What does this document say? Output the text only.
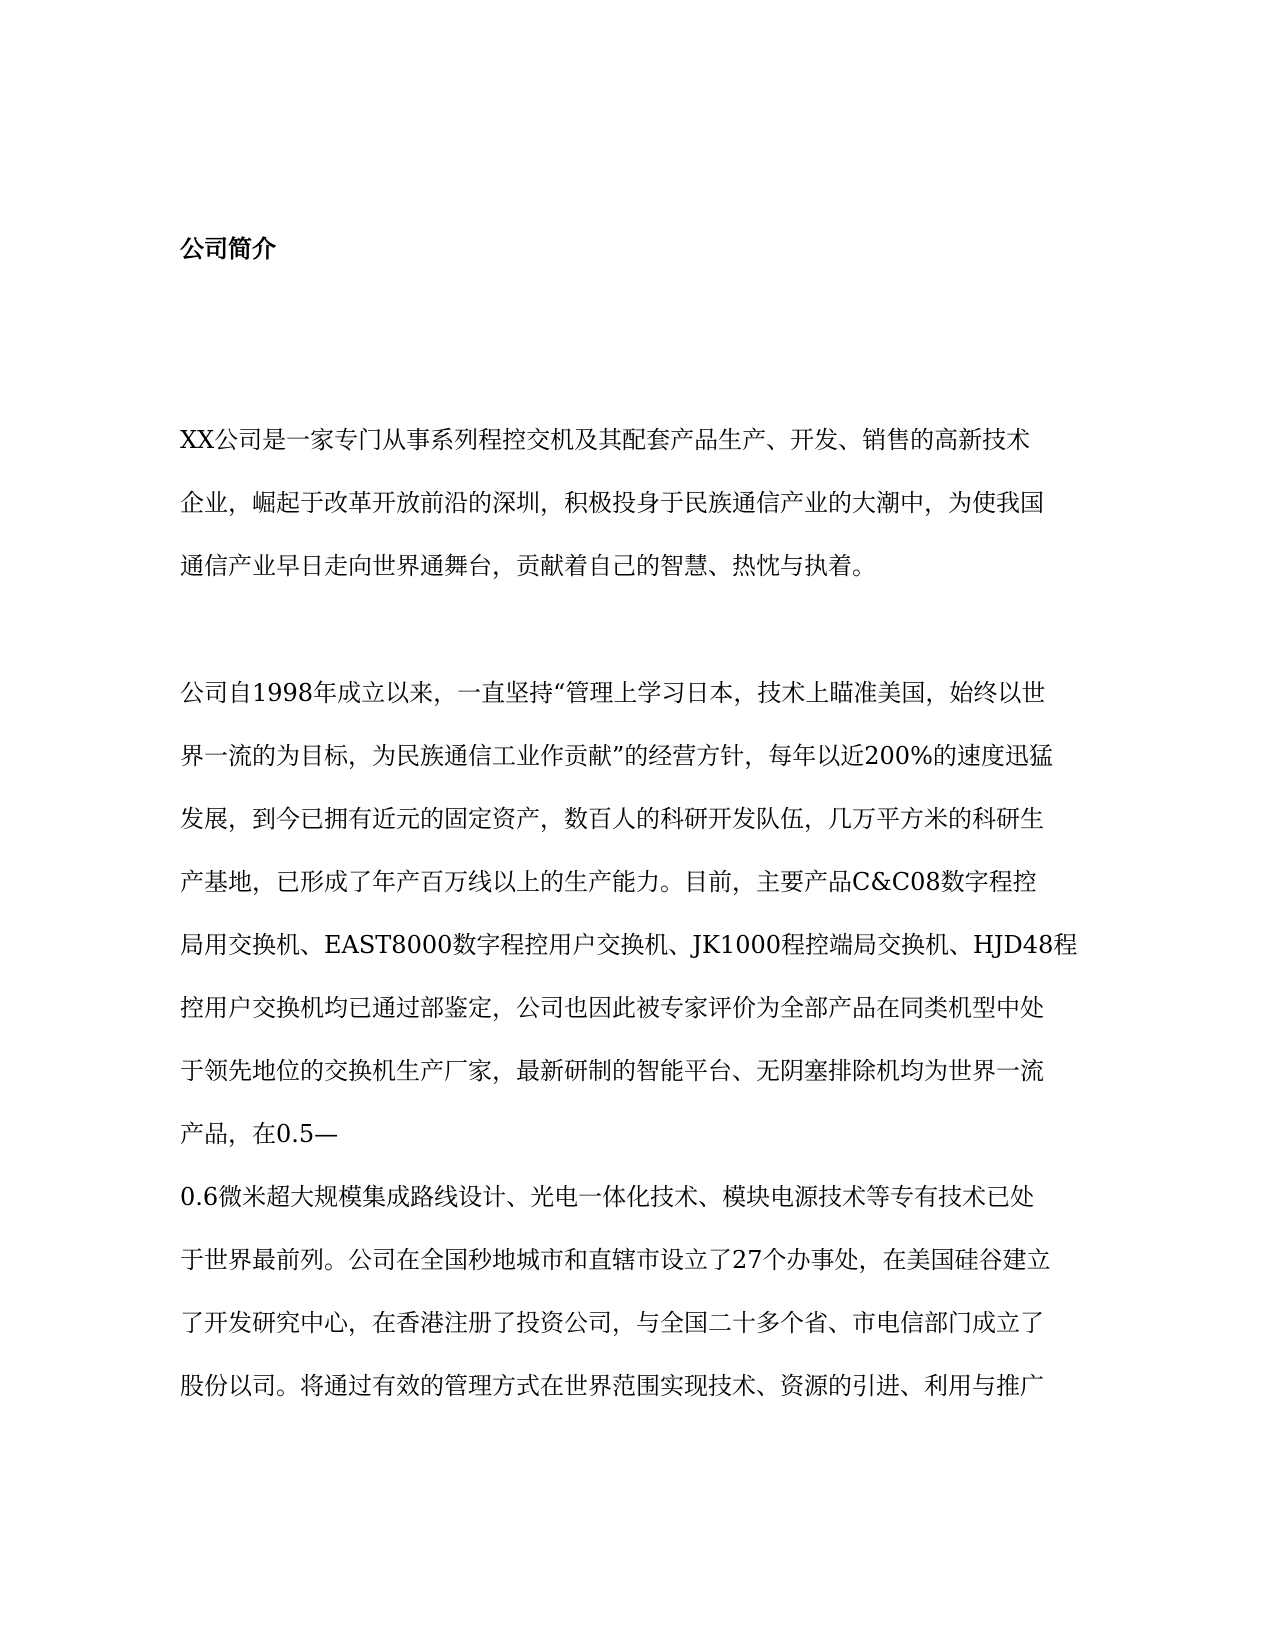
公司简介

XX公司是一家专门从事系列程控交机及其配套产品生产、开发、销售的高新技术

企业，崛起于改革开放前沿的深圳，积极投身于民族通信产业的大潮中，为使我国

通信产业早日走向世界通舞台，贡献着自己的智慧、热忱与执着。

公司自1998年成立以来，一直坚持“管理上学习日本，技术上瞄准美国，始终以世

界一流的为目标，为民族通信工业作贡献”的经营方针，每年以近200%的速度迅猛

发展，到今已拥有近元的固定资产，数百人的科研开发队伍，几万平方米的科研生

产基地，已形成了年产百万线以上的生产能力。目前，主要产品C&C08数字程控

局用交换机、EAST8000数字程控用户交换机、JK1000程控端局交换机、HJD48程

控用户交换机均已通过部鉴定，公司也因此被专家评价为全部产品在同类机型中处

于领先地位的交换机生产厂家，最新研制的智能平台、无阴塞排除机均为世界一流

产品，在0.5—

0.6微米超大规模集成路线设计、光电一体化技术、模块电源技术等专有技术已处

于世界最前列。公司在全国秒地城市和直辖市设立了27个办事处，在美国硅谷建立

了开发研究中心，在香港注册了投资公司，与全国二十多个省、市电信部门成立了

股份以司。将通过有效的管理方式在世界范围实现技术、资源的引进、利用与推广
